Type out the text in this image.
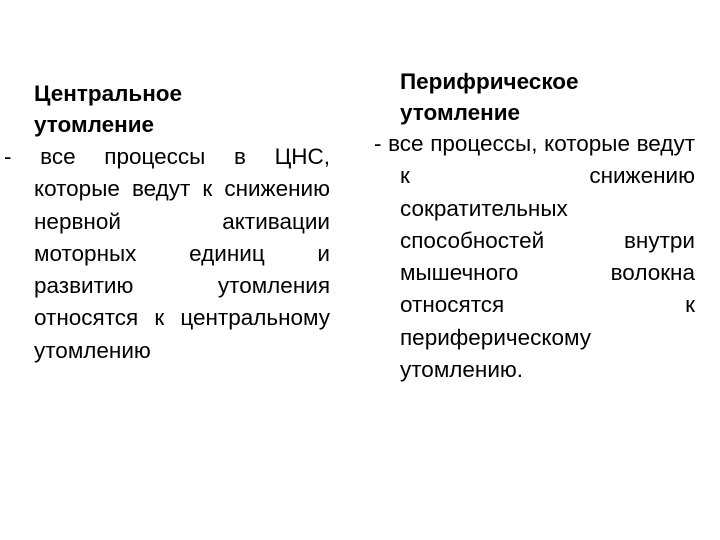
Центральное
утомление
- все процессы в ЦНС, которые ведут к снижению нервной активации моторных единиц и развитию утомления относятся к центральному утомлению
Перифрическое
утомление
- все процессы, которые ведут к снижению сократительных способностей внутри мышечного волокна относятся к периферическому утомлению.
